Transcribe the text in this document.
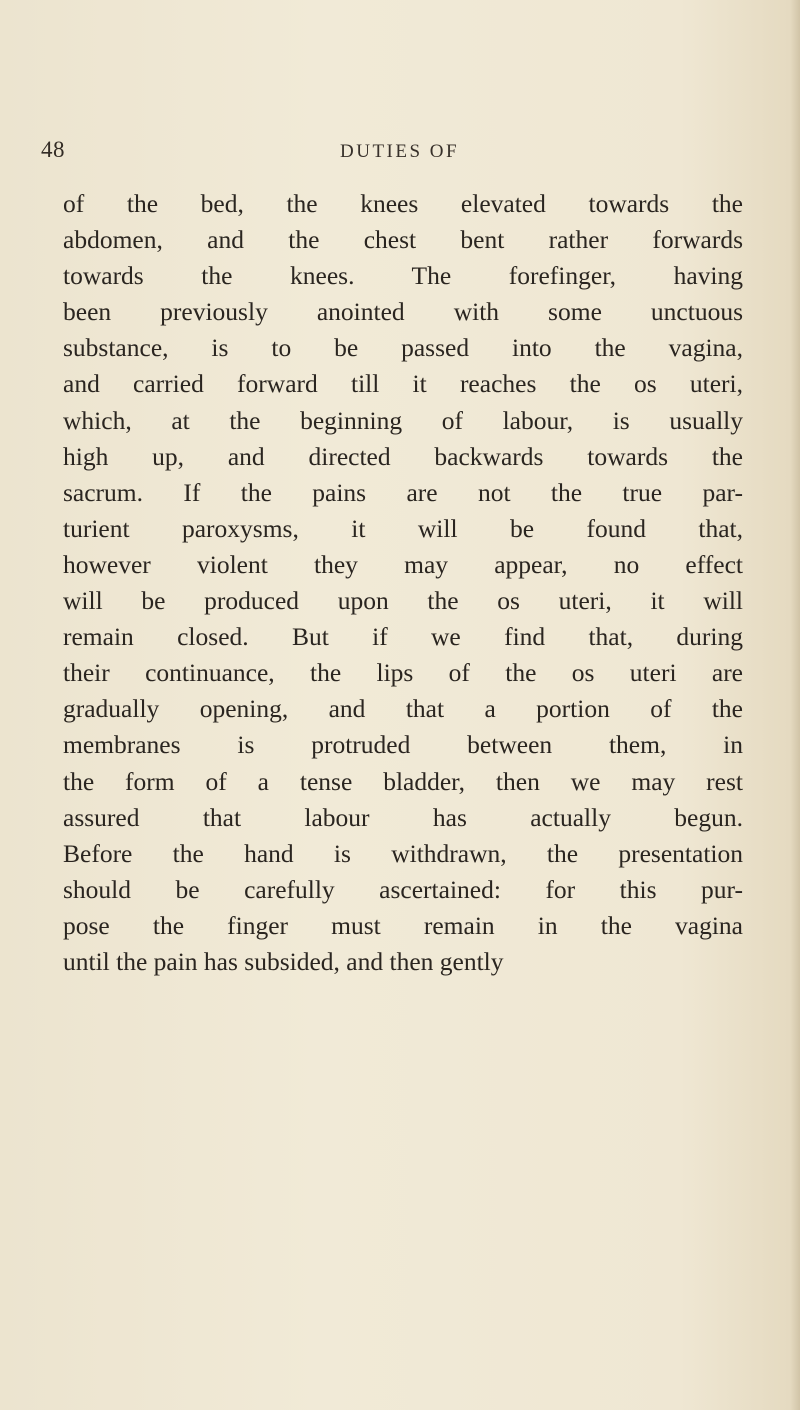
48	DUTIES OF
of the bed, the knees elevated towards the
abdomen, and the chest bent rather forwards
towards the knees. The forefinger, having
been previously anointed with some unctuous
substance, is to be passed into the vagina,
and carried forward till it reaches the os uteri,
which, at the beginning of labour, is usually
high up, and directed backwards towards the
sacrum. If the pains are not the true par-
turient paroxysms, it will be found that,
however violent they may appear, no effect
will be produced upon the os uteri, it will
remain closed. But if we find that, during
their continuance, the lips of the os uteri are
gradually opening, and that a portion of the
membranes is protruded between them, in
the form of a tense bladder, then we may rest
assured that labour has actually begun.
Before the hand is withdrawn, the presentation
should be carefully ascertained: for this pur-
pose the finger must remain in the vagina
until the pain has subsided, and then gently
